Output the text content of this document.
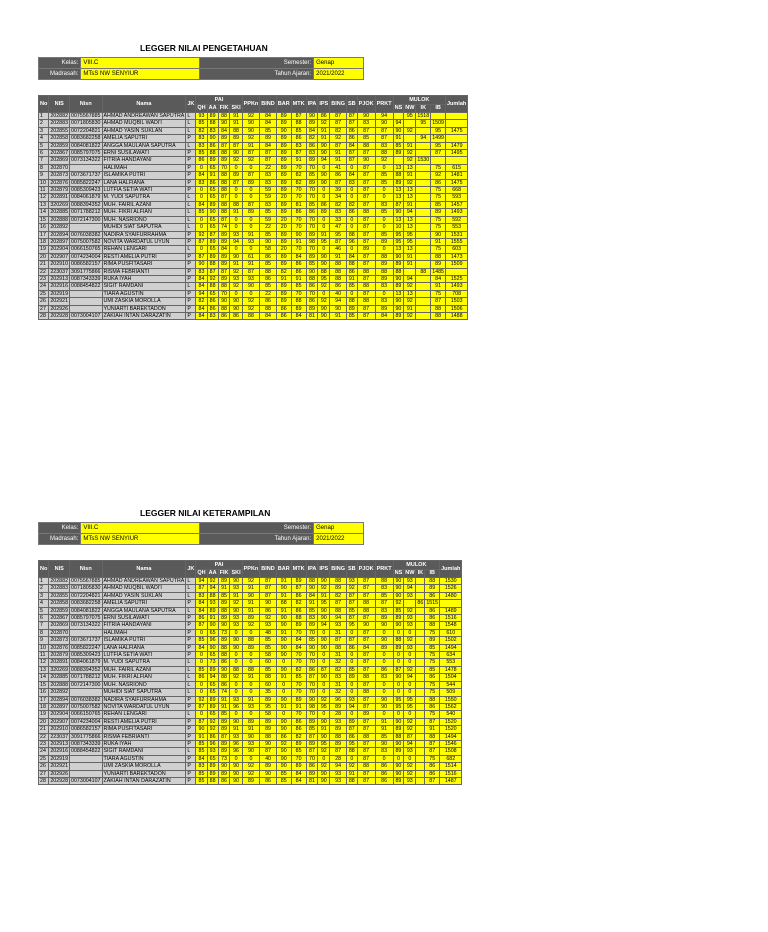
LEGGER NILAI PENGETAHUAN
Kelas:	VIII.C	Semester:	Genap
Madrasah:	MTsS NW SENYIUR	Tahun Ajaran:	2021/2022
No	NIS	Nisn	Nama	JK	PAI				PPKn	BIND	BAR	MTK	IPA	IPS	BING	SB	PJOK	PRKT	MULOK				Jumlah
					QH	AA	FIK	SKI											NS	NW	IK	IB	
1	202882	0075567885	AHMAD ANDREAWAN SAPUTRA	L	93	89	88	91	92	84	89	87	90	86	87	87	90	94		95	1518		
2	202883	0071805830	AHMAD MUQBIL WADI'I	L	85	88	90	91	90	84	89	88	89	92	87	87	83	90	94		95	1509	
3	202855	0072204821	AHMAD YASIN SUKLAN	L	82	83	84	88	90	85	90	85	84	91	82	86	87	87	90	92		95	1475
4	202858	0083682258	AMELIA SAPUTRI	P	83	90	89	89	92	89	89	86	82	91	92	86	85	87	91		94	1499	
5	202859	0084081822	ANGGA MAULANA SAPUTRA	L	83	86	87	87	91	84	89	83	86	90	87	84	88	83	85	91		95	1479
6	202867	0085797075	ERNI SUSILAWATI	P	85	88	88	90	87	87	89	87	83	90	91	87	87	88	89	92		87	1495
7	202869	0073134322	FITRIA HANDAYANI	P	86	89	89	92	92	87	89	91	89	94	91	87	90	92		92	1530		
8	202870		HALIMAH	P	0	65	70	0	0	22	89	70	70	0	41	0	87	0	13	13		75	615
9	202873	0073671737	ISLAMIKA PUTRI	P	84	91	88	89	87	83	89	82	85	90	86	84	87	85	88	91		92	1481
10	202876	0085822247	LANA HALFIANA	P	83	86	88	87	89	83	89	82	89	90	87	83	87	85	89	92		86	1475
11	202879	0085309423	LUTFIA SETIA WATI	P	0	65	88	0	0	59	89	70	70	0	39	0	87	0	13	13		75	668
12	202891	0084061879	M. YUDI SAPUTRA	L	0	65	87	0	0	59	20	70	70	0	34	0	87	0	13	13		75	593
13	320269	0088394352	MUH. FAIRIL AZANI	L	84	89	88	88	87	83	89	81	85	86	82	82	87	83	87	91		85	1457
14	202885	0071788212	MUH. FIKRI ALFIAN	L	85	90	88	91	89	85	89	86	86	89	83	86	88	85	90	94		89	1493
15	202888	0072147300	MUH. NASRIONO	L	0	65	87	0	0	59	20	70	70	0	33	0	87	0	13	13		75	592
16	202892		MUHIDI SIAT SAPUTRA	L	0	65	74	0	0	22	20	70	70	0	47	0	87	0	10	13		75	553
17	202894	0076038382	NADIRA SYAIFURRAHMA	P	92	87	89	93	91	85	89	90	89	91	95	88	87	85	95	95		90	1531
18	202897	0075007582	NOVITA WARDATUL UYUN	P	87	89	89	94	93	90	89	91	98	95	87	96	87	89	95	95		91	1555
19	202904	0066150765	REHAN LENGARI	L	0	65	84	0	0	58	20	70	70	0	46	0	89	0	13	13		75	603
20	202907	0074234004	RESTI AMELIA PUTRI	P	87	89	89	90	61	86	89	84	89	90	91	84	87	88	90	91		88	1473
21	202910	0086582157	RIMA PUSFITASARI	P	90	88	89	91	91	85	89	86	85	90	88	88	87	89	89	91		89	1509
22	223037	3091775866	RISMA FEBRIANTI	P	83	87	87	92	87	88	82	86	90	88	88	86	88	88	88		88	1485	
23	202913	0087343339	RUKA IYAH	P	84	92	89	93	93	86	91	91	88	95	88	91	87	89	90	94		84	1525
24	202916	0088454822	SIGIT RAMDANI	L	84	88	88	92	90	85	89	85	86	92	86	85	88	83	89	92		91	1493
25	202919		TIARA AGUSTIN	P	94	65	70	0	0	22	89	70	70	0	40	0	87	0	13	13		75	708
26	202921		UMI ZASKIA MOROLLA	P	82	86	90	90	92	86	89	88	86	92	94	88	88	83	90	92		87	1503
27	202926		YUNIARTI BAREKTADON	P	84	86	88	90	92	88	86	89	89	90	90	89	87	89	90	91		88	1506
28	202928	0073004107	ZAKIAH INTAN DARAZATIN	P	84	83	86	86	88	84	86	84	81	90	91	85	87	84	89	92		88	1488
LEGGER NILAI KETERAMPILAN
Kelas:	VIII.C	Semester:	Genap
Madrasah:	MTsS NW SENYIUR	Tahun Ajaran:	2021/2022
No	NIS	Nisn	Nama	JK	PAI				PPKn	BIND	BAR	MTK	IPA	IPS	BING	SB	PJOK	PRKT	MULOK				Jumlah
					QH	AA	FIK	SKI											NS	NW	IK	IB	
1	202882	0075567885	AHMAD ANDREAWAN SAPUTRA	L	94	92	89	90	92	87	91	89	88	90	88	93	87	88	90	93		88	1530
2	202883	0071805830	AHMAD MUQBIL WADI'I	L	87	94	91	93	91	87	90	87	90	92	89	92	87	83	90	94		89	1526
3	202855	0072204821	AHMAD YASIN SUKLAN	L	83	88	85	91	90	87	91	86	84	91	82	87	87	85	90	93		86	1480
4	202858	0083682258	AMELIA SAPUTRI	P	84	93	89	92	91	90	88	82	91	95	87	87	88	87	92		86	1515	
5	202859	0084081822	ANGGA MAULANA SAPUTRA	L	84	89	88	90	91	86	91	86	85	90	88	85	88	83	85	92		86	1489
6	202867	0085797075	ERNI SUSILAWATI	P	86	91	89	93	89	92	90	88	83	90	94	87	87	89	89	93		86	1516
7	202869	0073134322	FITRIA HANDAYANI	P	87	90	90	93	92	93	90	89	89	94	93	95	90	90	90	93		88	1548
8	202870		HALIMAH	P	0	65	73	0	0	48	91	70	70	0	31	0	87	0	0	0		75	610
9	202873	0073671737	ISLAMIKA PUTRI	P	85	96	89	90	88	85	90	84	85	90	87	87	87	90	88	92		89	1502
10	202876	0085822247	LANA HALFIANA	P	84	90	88	90	89	85	90	84	90	90	88	86	84	89	89	93		85	1494
11	202879	0085309423	LUTFIA SETIA WATI	P	0	65	88	0	0	58	90	70	70	0	31	0	87	0	0	0		75	634
12	202891	0084061879	M. YUDI SAPUTRA	L	0	73	86	0	0	60	0	70	70	0	32	0	87	0	0	0		75	553
13	320269	0088394352	MUH. FAIRIL AZANI	L	85	89	90	88	88	85	90	82	86	87	82	85	87	86	87	92		85	1478
14	202885	0071788212	MUH. FIKRI ALFIAN	L	86	94	88	92	91	88	91	85	87	90	83	89	88	83	90	94		86	1504
15	202888	0072147300	MUH. NASRIONO	L	0	65	86	0	0	60	0	70	70	0	31	0	87	0	0	0		75	544
16	202892		MUHIDI SIAT SAPUTRA	L	0	65	74	0	0	35	0	70	70	0	32	0	88	0	0	0		75	509
17	202894	0076038382	NADIRA SYAIFURRAHMA	P	92	89	91	93	91	89	90	89	90	92	96	93	87	90	95	95		88	1550
18	202897	0075007582	NOVITA WARDATUL UYUN	P	87	89	91	96	93	95	91	91	98	95	89	94	87	90	95	95		86	1562
19	202904	0066150765	REHAN LENGARI	L	0	65	85	0	0	58	0	70	70	0	28	0	89	0	0	0		75	540
20	202907	0074234004	RESTI AMELIA PUTRI	P	87	92	89	90	89	89	90	86	89	90	93	89	87	91	90	92		87	1520
21	202910	0086582157	RIMA PUSFITASARI	P	90	92	89	91	91	89	90	86	85	91	89	87	87	91	89	92		91	1520
22	223037	3091775866	RISMA FEBRIANTI	P	91	86	87	93	90	88	86	82	87	90	88	86	88	85	88	87		88	1494
23	202913	0087343339	RUKA IYAH	P	85	96	89	96	93	90	92	89	89	95	89	95	87	90	90	94		87	1546
24	202916	0088454822	SIGIT RAMDANI	L	85	93	89	96	90	87	90	85	87	92	87	88	87	83	89	93		87	1508
25	202919		TIARA AGUSTIN	P	84	65	73	0	0	40	90	70	70	0	28	0	87	0	0	0		75	682
26	202921		UMI ZASKIA MOROLLA	P	83	89	90	90	92	89	90	89	86	92	94	92	88	86	90	92		86	1514
27	202926		YUNIARTI BAREKTADON	P	85	89	89	90	92	90	85	84	89	90	93	91	87	86	90	92		86	1516
28	202928	0073004107	ZAKIAH INTAN DARAZATIN	P	85	88	86	90	89	86	85	84	81	90	93	88	87	86	89	93		87	1487
